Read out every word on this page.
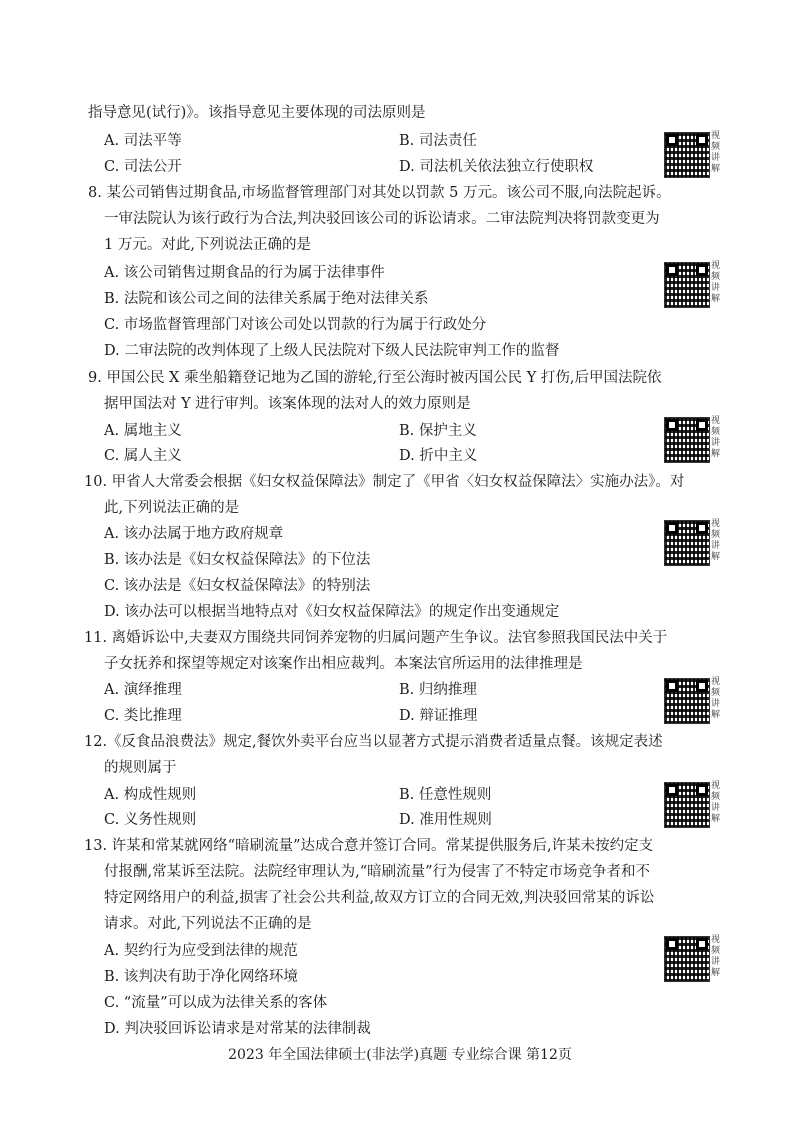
指导意见(试行)》。该指导意见主要体现的司法原则是
A. 司法平等	B. 司法责任
C. 司法公开	D. 司法机关依法独立行使职权
视频讲解
8. 某公司销售过期食品,市场监督管理部门对其处以罚款 5 万元。该公司不服,向法院起诉。
一审法院认为该行政行为合法,判决驳回该公司的诉讼请求。二审法院判决将罚款变更为
1 万元。对此,下列说法正确的是
A. 该公司销售过期食品的行为属于法律事件
B. 法院和该公司之间的法律关系属于绝对法律关系
C. 市场监督管理部门对该公司处以罚款的行为属于行政处分
D. 二审法院的改判体现了上级人民法院对下级人民法院审判工作的监督
视频讲解
9. 甲国公民 X 乘坐船籍登记地为乙国的游轮,行至公海时被丙国公民 Y 打伤,后甲国法院依
据甲国法对 Y 进行审判。该案体现的法对人的效力原则是
A. 属地主义	B. 保护主义
C. 属人主义	D. 折中主义
视频讲解
10. 甲省人大常委会根据《妇女权益保障法》制定了《甲省〈妇女权益保障法〉实施办法》。对
此,下列说法正确的是
A. 该办法属于地方政府规章
B. 该办法是《妇女权益保障法》的下位法
C. 该办法是《妇女权益保障法》的特别法
D. 该办法可以根据当地特点对《妇女权益保障法》的规定作出变通规定
视频讲解
11. 离婚诉讼中,夫妻双方围绕共同饲养宠物的归属问题产生争议。法官参照我国民法中关于
子女抚养和探望等规定对该案作出相应裁判。本案法官所运用的法律推理是
A. 演绎推理	B. 归纳推理
C. 类比推理	D. 辩证推理
视频讲解
12.《反食品浪费法》规定,餐饮外卖平台应当以显著方式提示消费者适量点餐。该规定表述
的规则属于
A. 构成性规则	B. 任意性规则
C. 义务性规则	D. 准用性规则
视频讲解
13. 许某和常某就网络“暗刷流量”达成合意并签订合同。常某提供服务后,许某未按约定支
付报酬,常某诉至法院。法院经审理认为,“暗刷流量”行为侵害了不特定市场竞争者和不
特定网络用户的利益,损害了社会公共利益,故双方订立的合同无效,判决驳回常某的诉讼
请求。对此,下列说法不正确的是
A. 契约行为应受到法律的规范
B. 该判决有助于净化网络环境
C. “流量”可以成为法律关系的客体
D. 判决驳回诉讼请求是对常某的法律制裁
视频讲解
2023 年全国法律硕士(非法学)真题 专业综合课 第12页
